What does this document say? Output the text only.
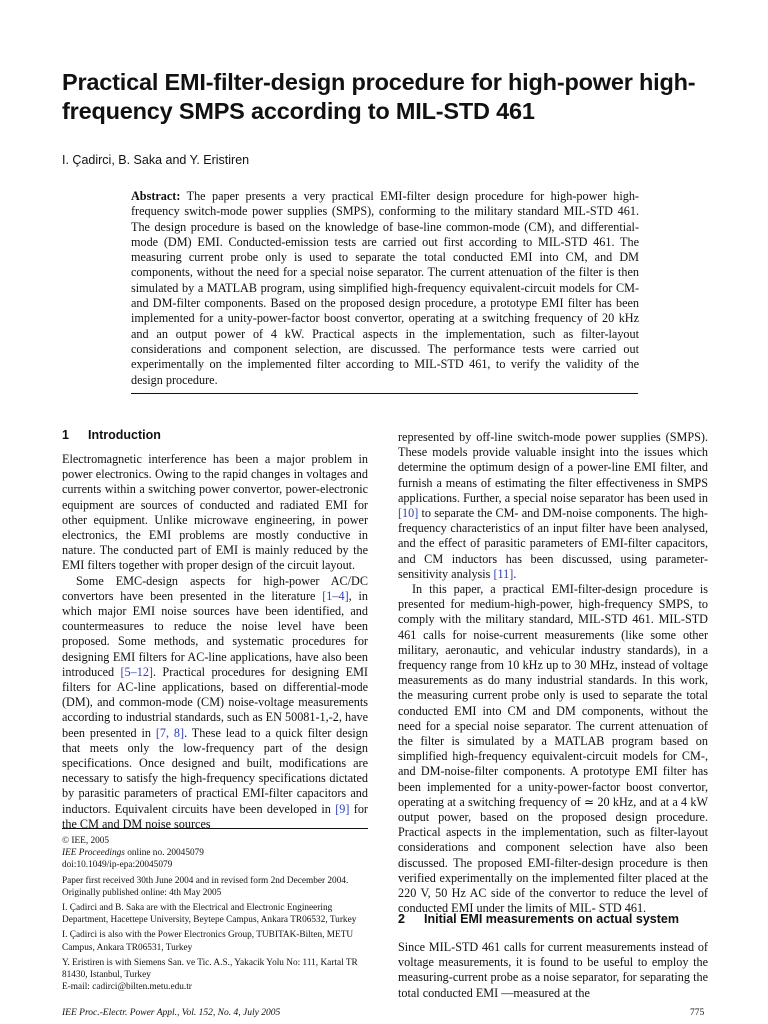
Practical EMI-filter-design procedure for high-power high-frequency SMPS according to MIL-STD 461
I. Çadirci, B. Saka and Y. Eristiren

Abstract: The paper presents a very practical EMI-filter design procedure for high-power high-frequency switch-mode power supplies (SMPS), conforming to the military standard MIL-STD 461. The design procedure is based on the knowledge of base-line common-mode (CM), and differential-mode (DM) EMI. Conducted-emission tests are carried out first according to MIL-STD 461. The measuring current probe only is used to separate the total conducted EMI into CM, and DM components, without the need for a special noise separator. The current attenuation of the filter is then simulated by a MATLAB program, using simplified high-frequency equivalent-circuit models for CM- and DM-filter components. Based on the proposed design procedure, a prototype EMI filter has been implemented for a unity-power-factor boost convertor, operating at a switching frequency of 20 kHz and an output power of 4 kW. Practical aspects in the implementation, such as filter-layout considerations and component selection, are discussed. The performance tests were carried out experimentally on the implemented filter according to MIL-STD 461, to verify the validity of the design procedure.

1 Introduction

Electromagnetic interference has been a major problem in power electronics. Owing to the rapid changes in voltages and currents within a switching power convertor, power-electronic equipment are sources of conducted and radiated EMI for other equipment. Unlike microwave engineering, in power electronics, the EMI problems are mostly conductive in nature. The conducted part of EMI is mainly reduced by the EMI filters together with proper design of the circuit layout.

Some EMC-design aspects for high-power AC/DC convertors have been presented in the literature [1–4], in which major EMI noise sources have been identified, and countermeasures to reduce the noise level have been proposed. Some methods, and systematic procedures for designing EMI filters for AC-line applications, have also been introduced [5–12]. Practical procedures for designing EMI filters for AC-line applications, based on differential-mode (DM), and common-mode (CM) noise-voltage measurements according to industrial standards, such as EN 50081-1,-2, have been presented in [7, 8]. These lead to a quick filter design that meets only the low-frequency part of the design specifications. Once designed and built, modifications are necessary to satisfy the high-frequency specifications dictated by parasitic parameters of practical EMI-filter capacitors and inductors. Equivalent circuits have been developed in [9] for the CM and DM noise sources

© IEE, 2005
IEE Proceedings online no. 20045079
doi:10.1049/ip-epa:20045079
Paper first received 30th June 2004 and in revised form 2nd December 2004.
Originally published online: 4th May 2005
I. Çadirci and B. Saka are with the Electrical and Electronic Engineering Department, Hacettepe University, Beytepe Campus, Ankara TR06532, Turkey
I. Çadirci is also with the Power Electronics Group, TUBITAK-Bilten, METU Campus, Ankara TR06531, Turkey
Y. Eristiren is with Siemens San. ve Tic. A.S., Yakacik Yolu No: 111, Kartal TR 81430, Istanbul, Turkey
E-mail: cadirci@bilten.metu.edu.tr

represented by off-line switch-mode power supplies (SMPS). These models provide valuable insight into the issues which determine the optimum design of a power-line EMI filter, and furnish a means of estimating the filter effectiveness in SMPS applications. Further, a special noise separator has been used in [10] to separate the CM- and DM-noise components. The high-frequency characteristics of an input filter have been analysed, and the effect of parasitic parameters of EMI-filter capacitors, and CM inductors has been discussed, using parameter-sensitivity analysis [11].

In this paper, a practical EMI-filter-design procedure is presented for medium-high-power, high-frequency SMPS, to comply with the military standard, MIL-STD 461. MIL-STD 461 calls for noise-current measurements (like some other military, aeronautic, and vehicular industry standards), in a frequency range from 10 kHz up to 30 MHz, instead of voltage measurements as do many industrial standards. In this work, the measuring current probe only is used to separate the total conducted EMI into CM and DM components, without the need for a special noise separator. The current attenuation of the filter is simulated by a MATLAB program based on simplified high-frequency equivalent-circuit models for CM-, and DM-noise-filter components. A prototype EMI filter has been implemented for a unity-power-factor boost convertor, operating at a switching frequency of ≃ 20 kHz, and at a 4 kW output power, based on the proposed design procedure. Practical aspects in the implementation, such as filter-layout considerations and component selection have also been discussed. The proposed EMI-filter-design procedure is then verified experimentally on the implemented filter placed at the 220 V, 50 Hz AC side of the convertor to reduce the level of conducted EMI under the limits of MIL- STD 461.

2 Initial EMI measurements on actual system

Since MIL-STD 461 calls for current measurements instead of voltage measurements, it is found to be useful to employ the measuring-current probe as a noise separator, for separating the total conducted EMI —measured at the

IEE Proc.-Electr. Power Appl., Vol. 152, No. 4, July 2005	775
